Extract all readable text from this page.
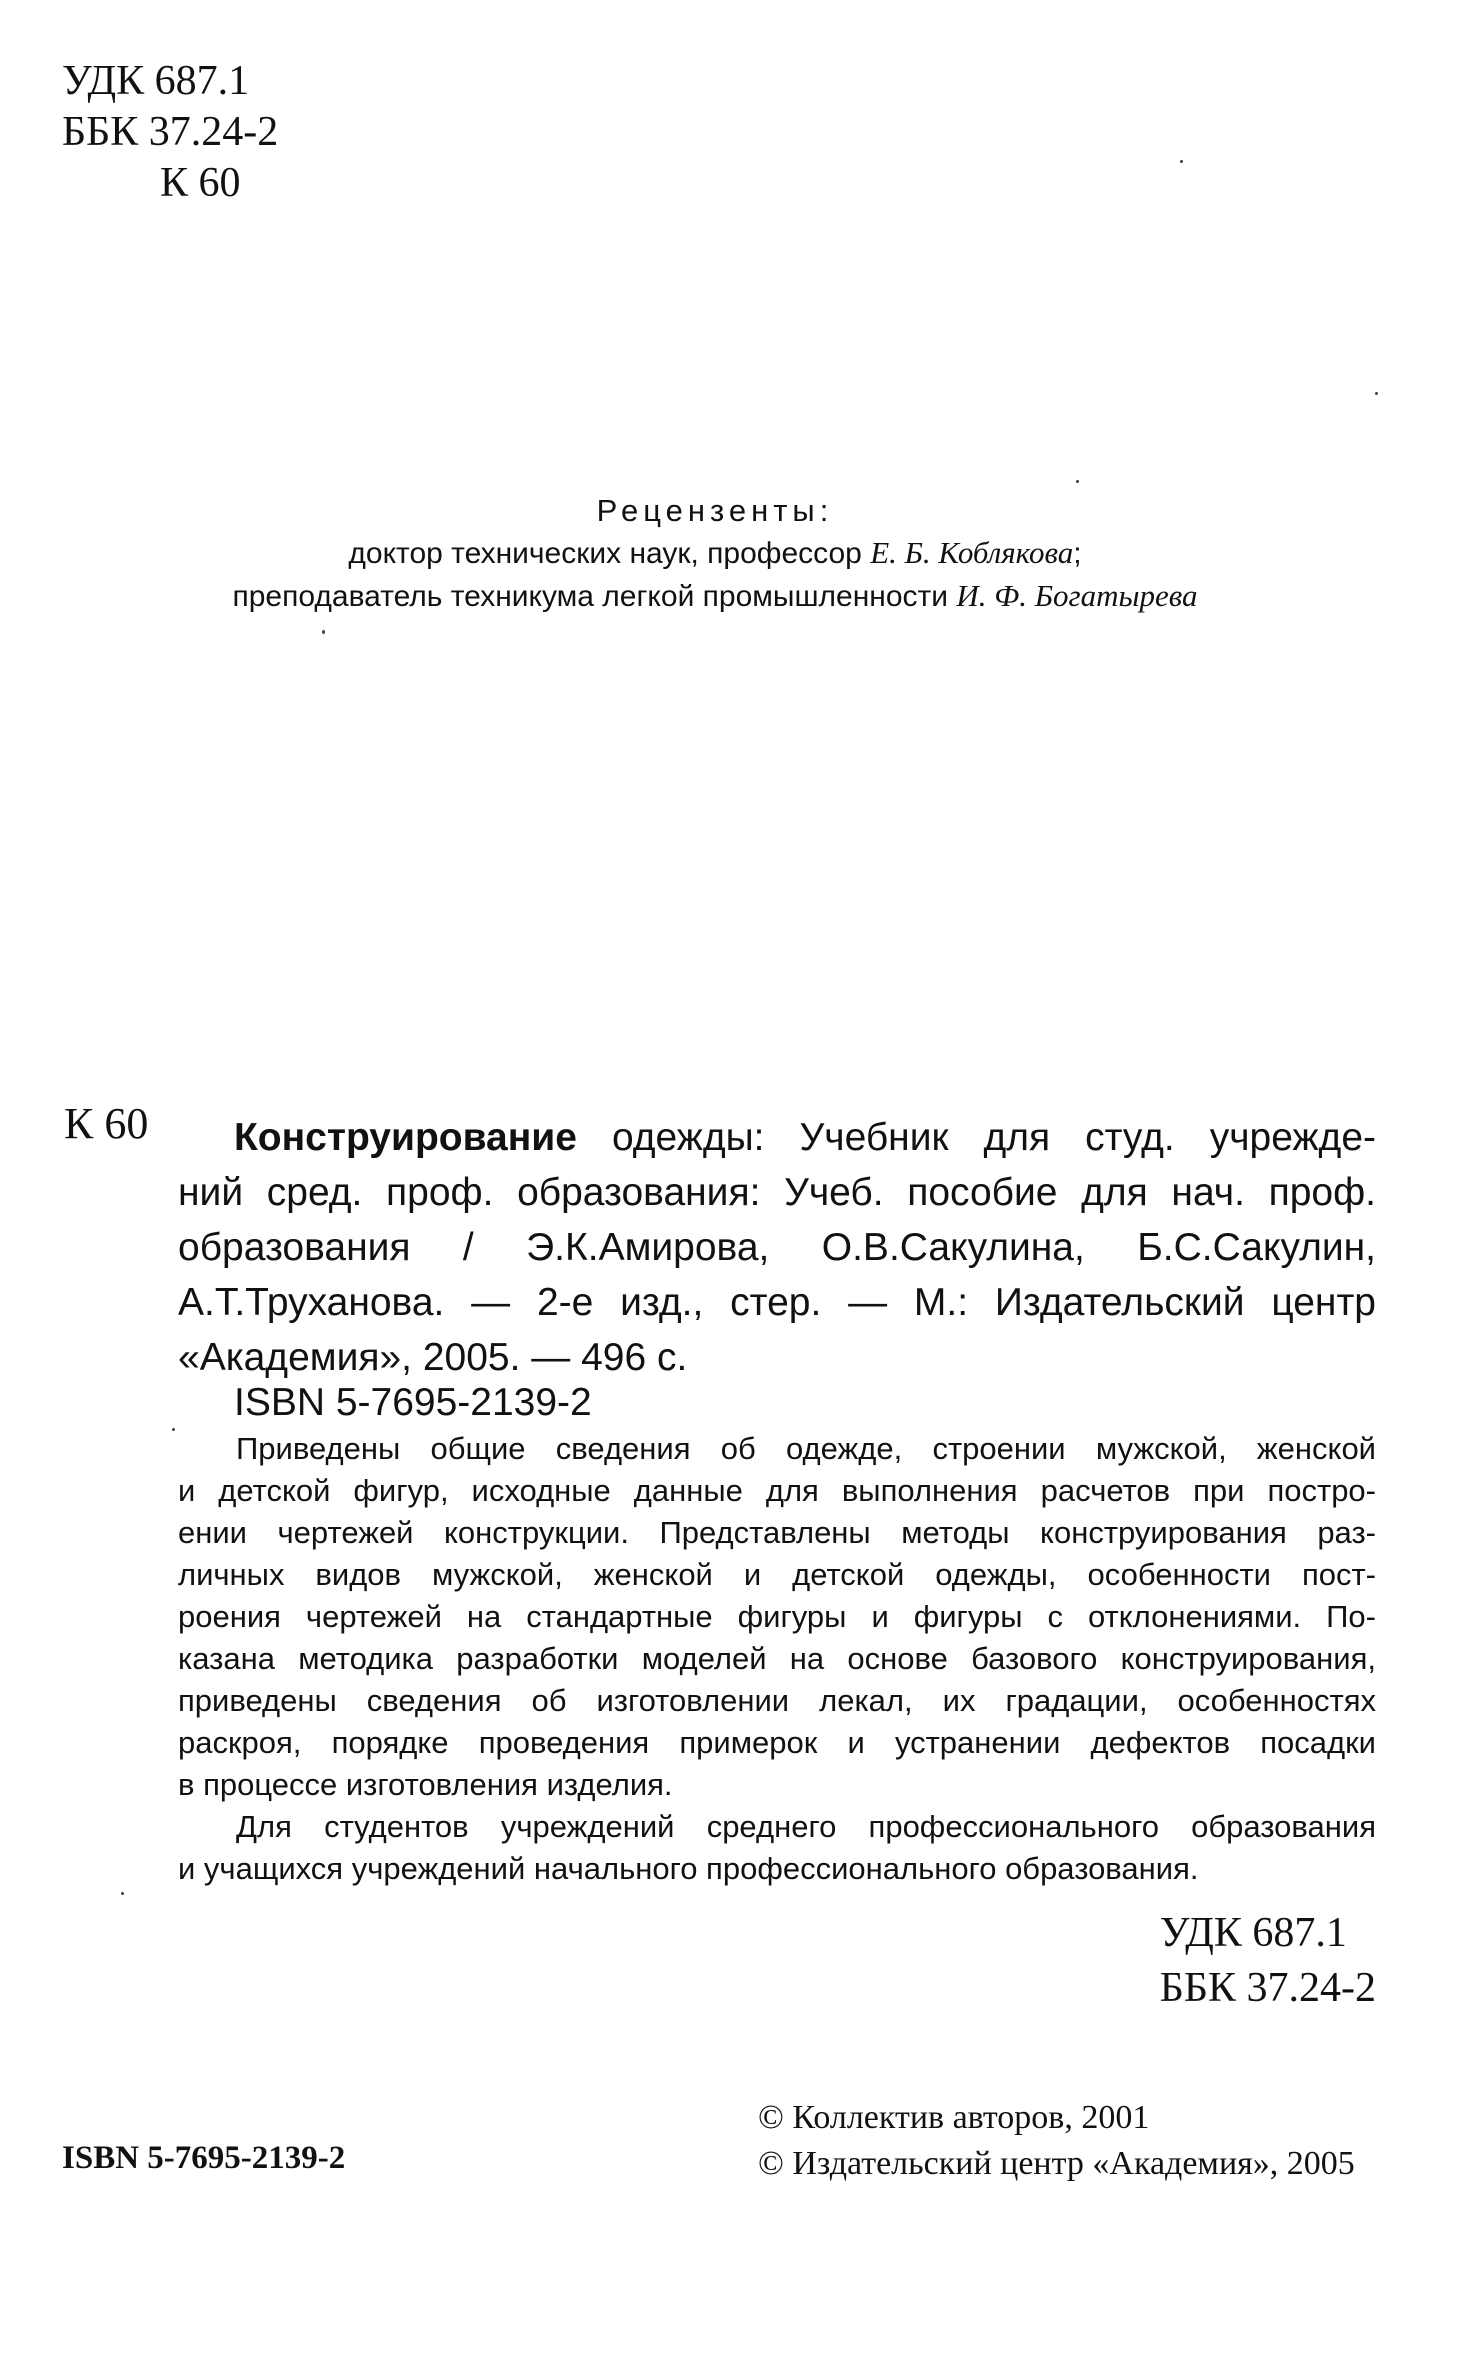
УДК 687.1
ББК 37.24-2
К 60
Рецензенты:
доктор технических наук, профессор Е. Б. Коблякова;
преподаватель техникума легкой промышленности И. Ф. Богатырева
К 60	Конструирование одежды: Учебник для студ. учрежде-
ний сред. проф. образования: Учеб. пособие для нач. проф.
образования / Э.К.Амирова, О.В.Сакулина, Б.С.Сакулин,
А.Т.Труханова. — 2-е изд., стер. — М.: Издательский центр
«Академия», 2005. — 496 с.
ISBN 5-7695-2139-2

Приведены общие сведения об одежде, строении мужской, женской
и детской фигур, исходные данные для выполнения расчетов при постро-
ении чертежей конструкции. Представлены методы конструирования раз-
личных видов мужской, женской и детской одежды, особенности пост-
роения чертежей на стандартные фигуры и фигуры с отклонениями. По-
казана методика разработки моделей на основе базового конструирования,
приведены сведения об изготовлении лекал, их градации, особенностях
раскроя, порядке проведения примерок и устранении дефектов посадки
в процессе изготовления изделия.

Для студентов учреждений среднего профессионального образования
и учащихся учреждений начального профессионального образования.

УДК 687.1
ББК 37.24-2
ISBN 5-7695-2139-2
© Коллектив авторов, 2001
© Издательский центр «Академия», 2005
